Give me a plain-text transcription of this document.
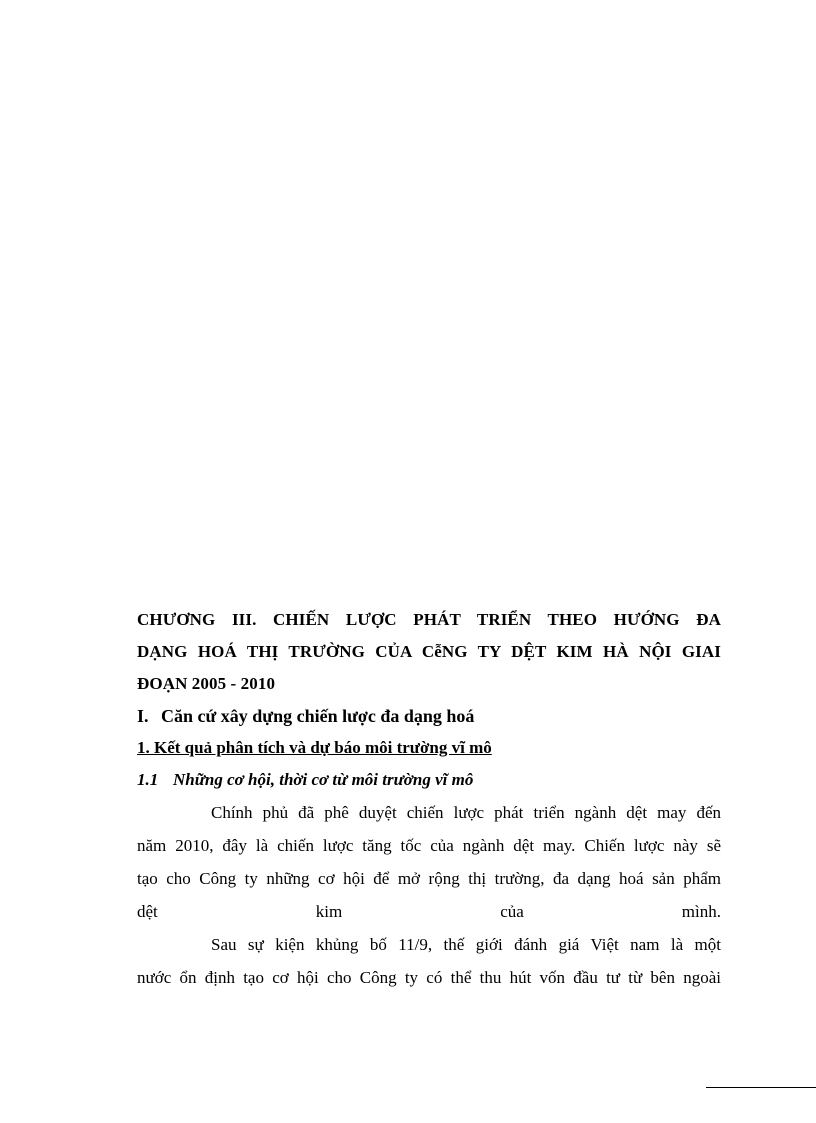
CHƯƠNG III. CHIẾN LƯỢC PHÁT TRIỂN THEO HƯỚNG ĐA
DẠNG HOÁ THỊ TRƯỜNG CỦA CễNG TY DỆT KIM HÀ NỘI GIAI
ĐOẠN 2005 - 2010
I. Căn cứ xây dựng chiến lược đa dạng hoá
1. Kết quả phân tích và dự báo môi trường vĩ mô
1.1 Những cơ hội, thời cơ từ môi trường vĩ mô

Chính phủ đã phê duyệt chiến lược phát triển ngành dệt may đến
năm 2010, đây là chiến lược tăng tốc của ngành dệt may. Chiến lược này sẽ
tạo cho Công ty những cơ hội để mở rộng thị trường, đa dạng hoá sản phẩm
dệt kim của mình.

Sau sự kiện khủng bố 11/9, thế giới đánh giá Việt nam là một
nước ổn định tạo cơ hội cho Công ty có thể thu hút vốn đầu tư từ bên ngoài
